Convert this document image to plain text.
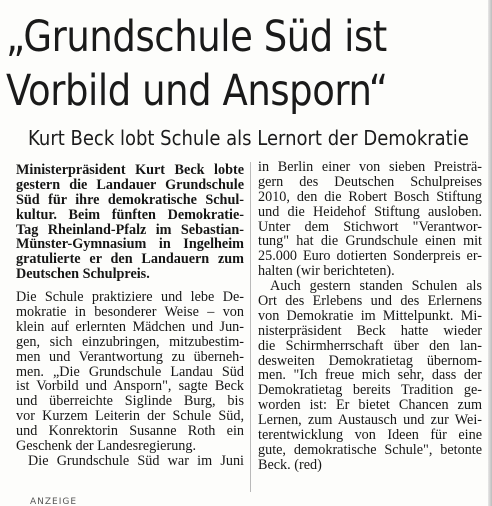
„Grundschule Süd ist
Vorbild und Ansporn“
Kurt Beck lobt Schule als Lernort der Demokratie
Ministerpräsident Kurt Beck lobte
gestern die Landauer Grundschule
Süd für ihre demokratische Schul-
kultur. Beim fünften Demokratie-
Tag Rheinland-Pfalz im Sebastian-
Münster-Gymnasium in Ingelheim
gratulierte er den Landauern zum
Deutschen Schulpreis.
Die Schule praktiziere und lebe De-
mokratie in besonderer Weise – von
klein auf erlernten Mädchen und Jun-
gen, sich einzubringen, mitzubestim-
men und Verantwortung zu überneh-
men. „Die Grundschule Landau Süd
ist Vorbild und Ansporn", sagte Beck
und überreichte Siglinde Burg, bis
vor Kurzem Leiterin der Schule Süd,
und Konrektorin Susanne Roth ein
Geschenk der Landesregierung.
Die Grundschule Süd war im Juni
in Berlin einer von sieben Preisträ-
gern des Deutschen Schulpreises
2010, den die Robert Bosch Stiftung
und die Heidehof Stiftung ausloben.
Unter dem Stichwort "Verantwor-
tung" hat die Grundschule einen mit
25.000 Euro dotierten Sonderpreis er-
halten (wir berichteten).
Auch gestern standen Schulen als
Ort des Erlebens und des Erlernens
von Demokratie im Mittelpunkt. Mi-
nisterpräsident Beck hatte wieder
die Schirmherrschaft über den lan-
desweiten Demokratietag übernom-
men. "Ich freue mich sehr, dass der
Demokratietag bereits Tradition ge-
worden ist: Er bietet Chancen zum
Lernen, zum Austausch und zur Wei-
terentwicklung von Ideen für eine
gute, demokratische Schule", betonte
Beck. (red)
ANZEIGE
